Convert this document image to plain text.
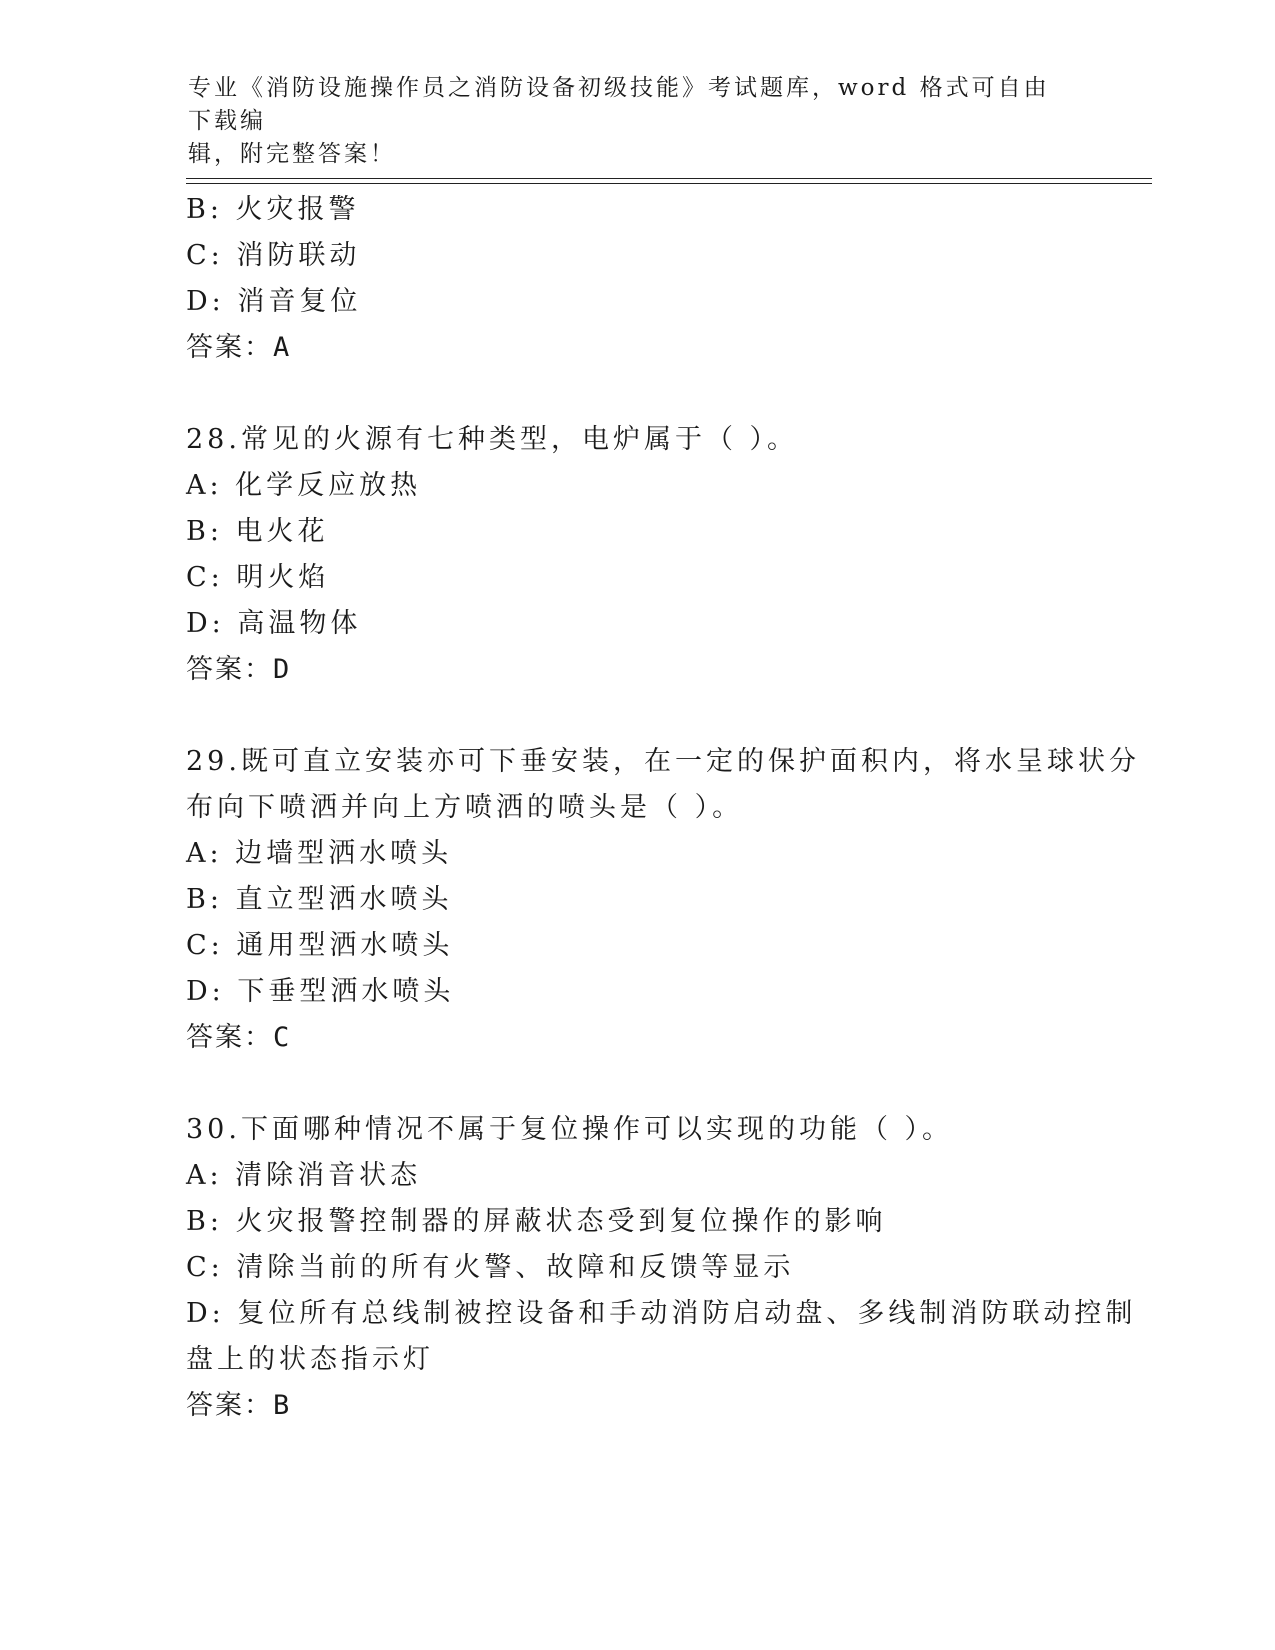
专业《消防设施操作员之消防设备初级技能》考试题库，word 格式可自由下载编
辑，附完整答案！
B: 火灾报警
C: 消防联动
D: 消音复位
答案：A
28.常见的火源有七种类型，电炉属于（ ）。
A: 化学反应放热
B: 电火花
C: 明火焰
D: 高温物体
答案：D
29.既可直立安装亦可下垂安装，在一定的保护面积内，将水呈球状分
布向下喷洒并向上方喷洒的喷头是（ ）。
A: 边墙型洒水喷头
B: 直立型洒水喷头
C: 通用型洒水喷头
D: 下垂型洒水喷头
答案：C
30.下面哪种情况不属于复位操作可以实现的功能（ ）。
A: 清除消音状态
B: 火灾报警控制器的屏蔽状态受到复位操作的影响
C: 清除当前的所有火警、故障和反馈等显示
D: 复位所有总线制被控设备和手动消防启动盘、多线制消防联动控制
盘上的状态指示灯
答案：B
